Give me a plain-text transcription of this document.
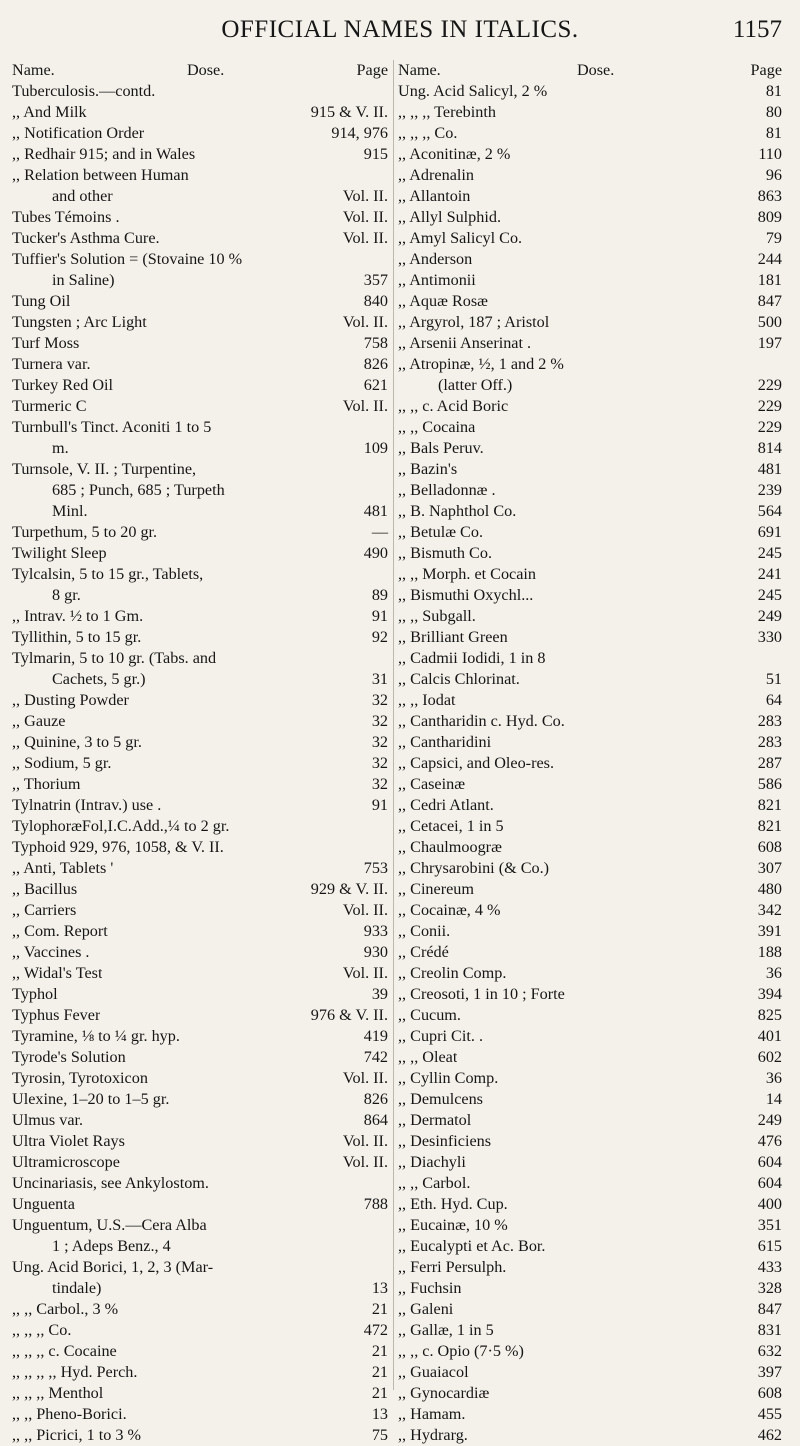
OFFICIAL NAMES IN ITALICS.	1157
Name.	Dose.	Page
Tuberculosis.—contd.
,, And Milk	915 & V. II.
,, Notification Order	914, 976
,, Redhair 915; and in Wales	915
,, Relation between Human
and other	Vol. II.
Tubes Témoins .	Vol. II.
Tucker's Asthma Cure.	Vol. II.
Tuffier's Solution = (Stovaine 10 %
in Saline)	357
Tung Oil	840
Tungsten ; Arc Light	Vol. II.
Turf Moss	758
Turnera var.	826
Turkey Red Oil	621
Turmeric C	Vol. II.
Turnbull's Tinct. Aconiti 1 to 5
m.	109
Turnsole, V. II. ; Turpentine,
685 ; Punch, 685 ; Turpeth
Minl.	481
Turpethum, 5 to 20 gr.	—
Twilight Sleep	490
Tylcalsin, 5 to 15 gr., Tablets,
8 gr.	89
,, Intrav. ½ to 1 Gm.	91
Tyllithin, 5 to 15 gr.	92
Tylmarin, 5 to 10 gr. (Tabs. and
Cachets, 5 gr.)	31
,, Dusting Powder	32
,, Gauze	32
,, Quinine, 3 to 5 gr.	32
,, Sodium, 5 gr.	32
,, Thorium	32
Tylnatrin (Intrav.) use .	91
TylophoræFol,I.C.Add.,¼ to 2 gr.
Typhoid 929, 976, 1058, & V. II.
,, Anti, Tablets '	753
,, Bacillus	929 & V. II.
,, Carriers	Vol. II.
,, Com. Report	933
,, Vaccines .	930
,, Widal's Test	Vol. II.
Typhol	39
Typhus Fever	976 & V. II.
Tyramine, ⅛ to ¼ gr. hyp.	419
Tyrode's Solution	742
Tyrosin, Tyrotoxicon	Vol. II.
Ulexine, 1–20 to 1–5 gr.	826
Ulmus var.	864
Ultra Violet Rays	Vol. II.
Ultramicroscope	Vol. II.
Uncinariasis, see Ankylostom.
Unguenta	788
Unguentum, U.S.—Cera Alba
1 ; Adeps Benz., 4
Ung. Acid Borici, 1, 2, 3 (Mar-
tindale)	13
,, ,, Carbol., 3 %	21
,, ,, ,, Co.	472
,, ,, ,, c. Cocaine	21
,, ,, ,, ,, Hyd. Perch.	21
,, ,, ,, Menthol	21
,, ,, Pheno-Borici.	13
,, ,, Picrici, 1 to 3 %	75
Name.	Dose.	Page
Ung. Acid Salicyl, 2 %	81
,, ,, ,, Terebinth	80
,, ,, ,, Co.	81
,, Aconitinæ, 2 %	110
,, Adrenalin	96
,, Allantoin	863
,, Allyl Sulphid.	809
,, Amyl Salicyl Co.	79
,, Anderson	244
,, Antimonii	181
,, Aquæ Rosæ	847
,, Argyrol, 187 ; Aristol	500
,, Arsenii Anserinat .	197
,, Atropinæ, ½, 1 and 2 %
(latter Off.)	229
,, ,, c. Acid Boric	229
,, ,, Cocaina	229
,, Bals Peruv.	814
,, Bazin's	481
,, Belladonnæ .	239
,, B. Naphthol Co.	564
,, Betulæ Co.	691
,, Bismuth Co.	245
,, ,, Morph. et Cocain	241
,, Bismuthi Oxychl...	245
,, ,, Subgall.	249
,, Brilliant Green	330
,, Cadmii Iodidi, 1 in 8
,, Calcis Chlorinat.	51
,, ,, Iodat	64
,, Cantharidin c. Hyd. Co.	283
,, Cantharidini	283
,, Capsici, and Oleo-res.	287
,, Caseinæ	586
,, Cedri Atlant.	821
,, Cetacei, 1 in 5	821
,, Chaulmoogræ	608
,, Chrysarobini (& Co.)	307
,, Cinereum	480
,, Cocainæ, 4 %	342
,, Conii.	391
,, Crédé	188
,, Creolin Comp.	36
,, Creosoti, 1 in 10 ; Forte	394
,, Cucum.	825
,, Cupri Cit. .	401
,, ,, Oleat	602
,, Cyllin Comp.	36
,, Demulcens	14
,, Dermatol	249
,, Desinficiens	476
,, Diachyli	604
,, ,, Carbol.	604
,, Eth. Hyd. Cup.	400
,, Eucainæ, 10 %	351
,, Eucalypti et Ac. Bor.	615
,, Ferri Persulph.	433
,, Fuchsin	328
,, Galeni	847
,, Gallæ, 1 in 5	831
,, ,, c. Opio (7·5 %)	632
,, Guaiacol	397
,, Gynocardiæ	608
,, Hamam.	455
,, Hydrarg.	462
